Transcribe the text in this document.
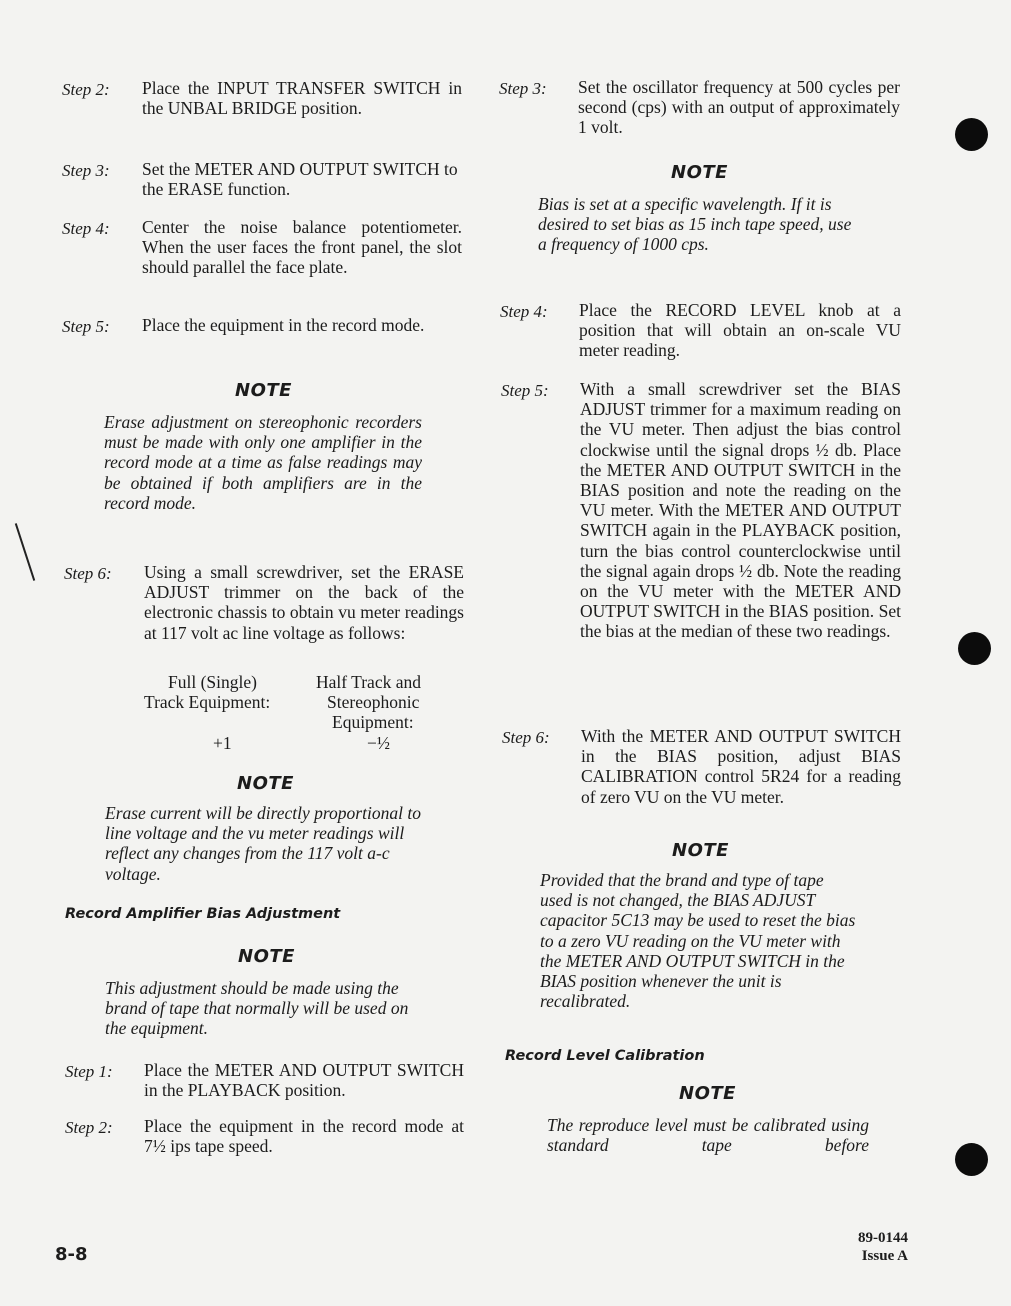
Step 2: Place the INPUT TRANSFER SWITCH in the UNBAL BRIDGE position.
Step 3: Set the METER AND OUTPUT SWITCH to the ERASE function.
Step 4: Center the noise balance potentiometer. When the user faces the front panel, the slot should parallel the face plate.
Step 5: Place the equipment in the record mode.
NOTE
Erase adjustment on stereophonic recorders must be made with only one amplifier in the record mode at a time as false readings may be obtained if both amplifiers are in the record mode.
Step 6: Using a small screwdriver, set the ERASE ADJUST trimmer on the back of the electronic chassis to obtain vu meter readings at 117 volt ac line voltage as follows:
Full (Single)
Track Equipment:
Half Track and
Stereophonic
Equipment:
+1	−½
NOTE
Erase current will be directly proportional to line voltage and the vu meter readings will reflect any changes from the 117 volt a-c voltage.
Record Amplifier Bias Adjustment
NOTE
This adjustment should be made using the brand of tape that normally will be used on the equipment.
Step 1: Place the METER AND OUTPUT SWITCH in the PLAYBACK position.
Step 2: Place the equipment in the record mode at 7½ ips tape speed.
Step 3: Set the oscillator frequency at 500 cycles per second (cps) with an output of approximately 1 volt.
NOTE
Bias is set at a specific wavelength. If it is desired to set bias as 15 inch tape speed, use a frequency of 1000 cps.
Step 4: Place the RECORD LEVEL knob at a position that will obtain an on-scale VU meter reading.
Step 5: With a small screwdriver set the BIAS ADJUST trimmer for a maximum reading on the VU meter. Then adjust the bias control clockwise until the signal drops ½ db. Place the METER AND OUTPUT SWITCH in the BIAS position and note the reading on the VU meter. With the METER AND OUTPUT SWITCH again in the PLAYBACK position, turn the bias control counterclockwise until the signal again drops ½ db. Note the reading on the VU meter with the METER AND OUTPUT SWITCH in the BIAS position. Set the bias at the median of these two readings.
Step 6: With the METER AND OUTPUT SWITCH in the BIAS position, adjust BIAS CALIBRATION control 5R24 for a reading of zero VU on the VU meter.
NOTE
Provided that the brand and type of tape used is not changed, the BIAS ADJUST capacitor 5C13 may be used to reset the bias to a zero VU reading on the VU meter with the METER AND OUTPUT SWITCH in the BIAS position whenever the unit is recalibrated.
Record Level Calibration
NOTE
The reproduce level must be calibrated using standard tape before
8-8
89-0144
Issue A
